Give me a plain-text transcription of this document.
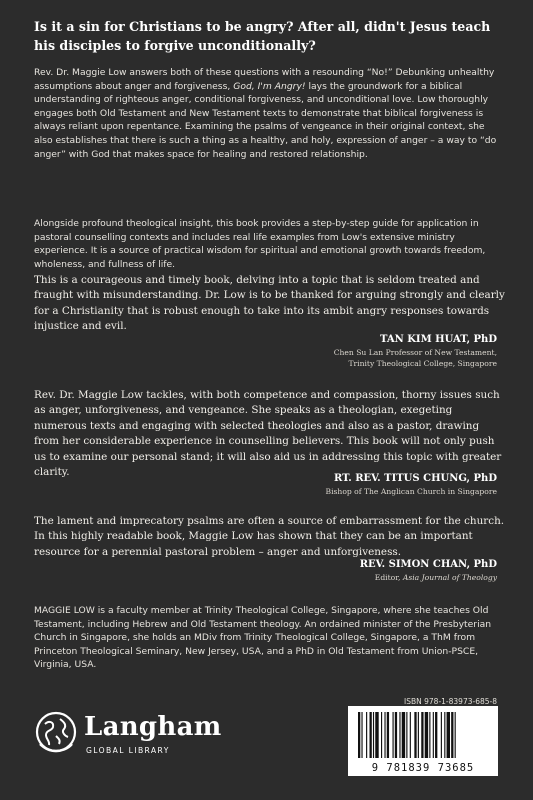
Is it a sin for Christians to be angry? After all, didn't Jesus teach his disciples to forgive unconditionally?
Rev. Dr. Maggie Low answers both of these questions with a resounding “No!” Debunking unhealthy assumptions about anger and forgiveness, God, I'm Angry! lays the groundwork for a biblical understanding of righteous anger, conditional forgiveness, and unconditional love. Low thoroughly engages both Old Testament and New Testament texts to demonstrate that biblical forgiveness is always reliant upon repentance. Examining the psalms of vengeance in their original context, she also establishes that there is such a thing as a healthy, and holy, expression of anger – a way to “do anger” with God that makes space for healing and restored relationship.
Alongside profound theological insight, this book provides a step-by-step guide for application in pastoral counselling contexts and includes real life examples from Low's extensive ministry experience. It is a source of practical wisdom for spiritual and emotional growth towards freedom, wholeness, and fullness of life.
This is a courageous and timely book, delving into a topic that is seldom treated and fraught with misunderstanding. Dr. Low is to be thanked for arguing strongly and clearly for a Christianity that is robust enough to take into its ambit angry responses towards injustice and evil.
TAN KIM HUAT, PhD
Chen Su Lan Professor of New Testament,
Trinity Theological College, Singapore
Rev. Dr. Maggie Low tackles, with both competence and compassion, thorny issues such as anger, unforgiveness, and vengeance. She speaks as a theologian, exegeting numerous texts and engaging with selected theologies and also as a pastor, drawing from her considerable experience in counselling believers. This book will not only push us to examine our personal stand; it will also aid us in addressing this topic with greater clarity.
RT. REV. TITUS CHUNG, PhD
Bishop of The Anglican Church in Singapore
The lament and imprecatory psalms are often a source of embarrassment for the church. In this highly readable book, Maggie Low has shown that they can be an important resource for a perennial pastoral problem – anger and unforgiveness.
REV. SIMON CHAN, PhD
Editor, Asia Journal of Theology
MAGGIE LOW is a faculty member at Trinity Theological College, Singapore, where she teaches Old Testament, including Hebrew and Old Testament theology. An ordained minister of the Presbyterian Church in Singapore, she holds an MDiv from Trinity Theological College, Singapore, a ThM from Princeton Theological Seminary, New Jersey, USA, and a PhD in Old Testament from Union-PSCE, Virginia, USA.
Langham
GLOBAL LIBRARY
ISBN 978-1-83973-685-8
9 781839 73685
